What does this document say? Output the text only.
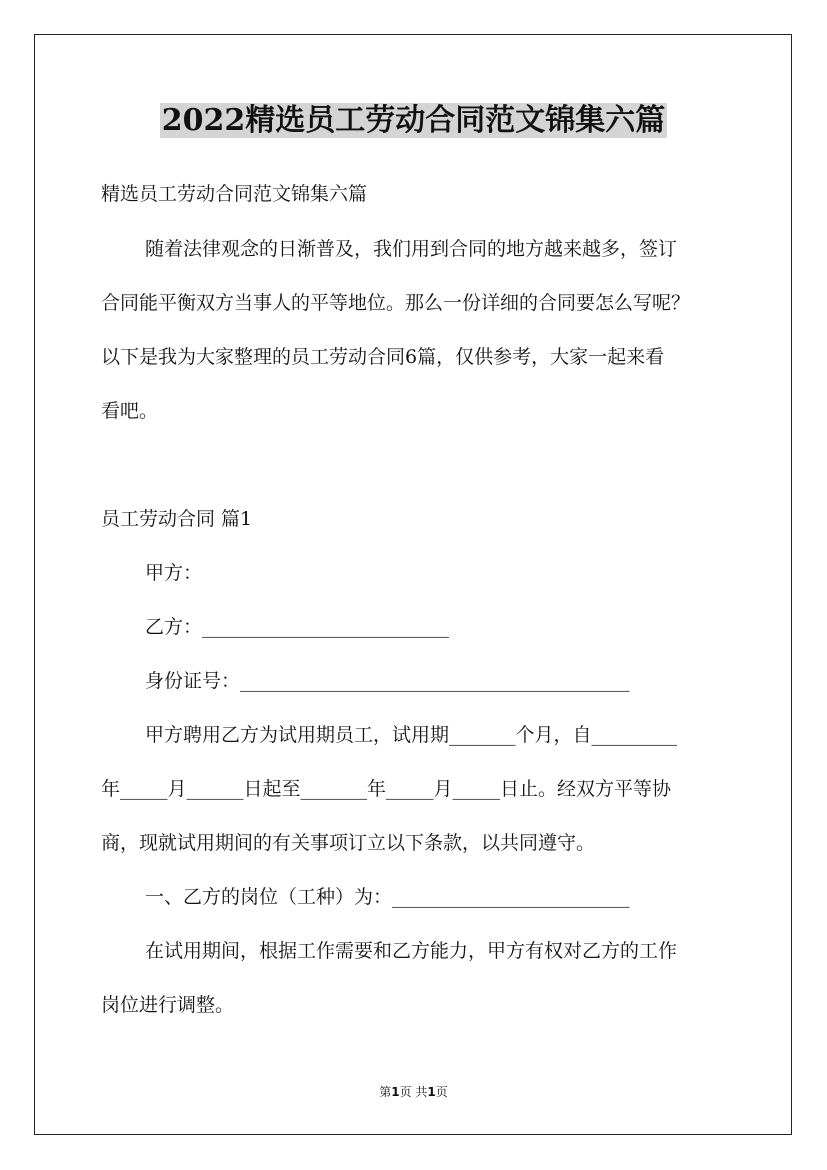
2022精选员工劳动合同范文锦集六篇

精选员工劳动合同范文锦集六篇

随着法律观念的日渐普及，我们用到合同的地方越来越多，签订

合同能平衡双方当事人的平等地位。那么一份详细的合同要怎么写呢？

以下是我为大家整理的员工劳动合同6篇，仅供参考，大家一起来看

看吧。

员工劳动合同 篇1

甲方：

乙方：__________________________

身份证号：_________________________________________

甲方聘用乙方为试用期员工，试用期_______个月，自_________

年_____月______日起至_______年_____月_____日止。经双方平等协

商，现就试用期间的有关事项订立以下条款，以共同遵守。

一、乙方的岗位（工种）为：_________________________

在试用期间，根据工作需要和乙方能力，甲方有权对乙方的工作

岗位进行调整。

第1页 共1页
